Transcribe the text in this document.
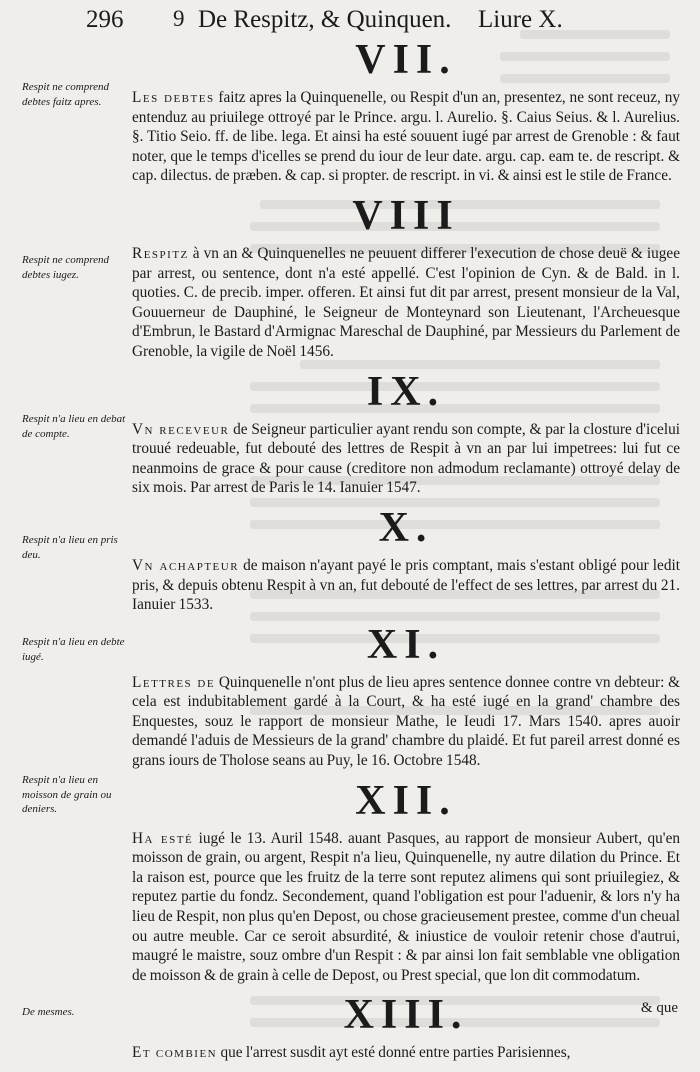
296 9 De Respitz, & Quinquen. Liure X.
Respit ne comprend debtes faitz apres.
Respit ne comprend debtes iugez.
Respit n'a lieu en debat de compte.
Respit n'a lieu en pris deu.
Respit n'a lieu en debte iugé.
Respit n'a lieu en moisson de grain ou deniers.
De mesmes.
VII.

Les debtes faitz apres la Quinquenelle, ou Respit d'un an, presentez, ne sont receuz, ny entenduz au priuilege ottroyé par le Prince. argu. l. Aurelio. §. Caius Seius. & l. Aurelius. §. Titio Seio. ff. de libe. lega. Et ainsi ha esté souuent iugé par arrest de Grenoble : & faut noter, que le temps d'icelles se prend du iour de leur date. argu. cap. eam te. de rescript. & cap. dilectus. de præben. & cap. si propter. de rescript. in vi. & ainsi est le stile de France.

VIII

Respitz à vn an & Quinquenelles ne peuuent differer l'execution de chose deuë & iugee par arrest, ou sentence, dont n'a esté appellé. C'est l'opinion de Cyn. & de Bald. in l. quoties. C. de precib. imper. offeren. Et ainsi fut dit par arrest, present monsieur de la Val, Gouuerneur de Dauphiné, le Seigneur de Monteynard son Lieutenant, l'Archeuesque d'Embrun, le Bastard d'Armignac Mareschal de Dauphiné, par Messieurs du Parlement de Grenoble, la vigile de Noël 1456.

IX.

Vn receveur de Seigneur particulier ayant rendu son compte, & par la closture d'icelui trouué redeuable, fut debouté des lettres de Respit à vn an par lui impetrees: lui fut ce neanmoins de grace & pour cause (creditore non admodum reclamante) ottroyé delay de six mois. Par arrest de Paris le 14. Ianuier 1547.

X.

Vn achapteur de maison n'ayant payé le pris comptant, mais s'estant obligé pour ledit pris, & depuis obtenu Respit à vn an, fut debouté de l'effect de ses lettres, par arrest du 21. Ianuier 1533.

XI.

Lettres de Quinquenelle n'ont plus de lieu apres sentence donnee contre vn debteur: & cela est indubitablement gardé à la Court, & ha esté iugé en la grand' chambre des Enquestes, souz le rapport de monsieur Mathe, le Ieudi 17. Mars 1540. apres auoir demandé l'aduis de Messieurs de la grand' chambre du plaidé. Et fut pareil arrest donné es grans iours de Tholose seans au Puy, le 16. Octobre 1548.

XII.

Ha esté iugé le 13. Auril 1548. auant Pasques, au rapport de monsieur Aubert, qu'en moisson de grain, ou argent, Respit n'a lieu, Quinquenelle, ny autre dilation du Prince. Et la raison est, pource que les fruitz de la terre sont reputez alimens qui sont priuilegiez, & reputez partie du fondz. Secondement, quand l'obligation est pour l'aduenir, & lors n'y ha lieu de Respit, non plus qu'en Depost, ou chose gracieusement prestee, comme d'un cheual ou autre meuble. Car ce seroit absurdité, & iniustice de vouloir retenir chose d'autrui, maugré le maistre, souz ombre d'un Respit : & par ainsi lon fait semblable vne obligation de moisson & de grain à celle de Depost, ou Prest special, que lon dit commodatum.

XIII.

Et combien que l'arrest susdit ayt esté donné entre parties Parisiennes,

& que
